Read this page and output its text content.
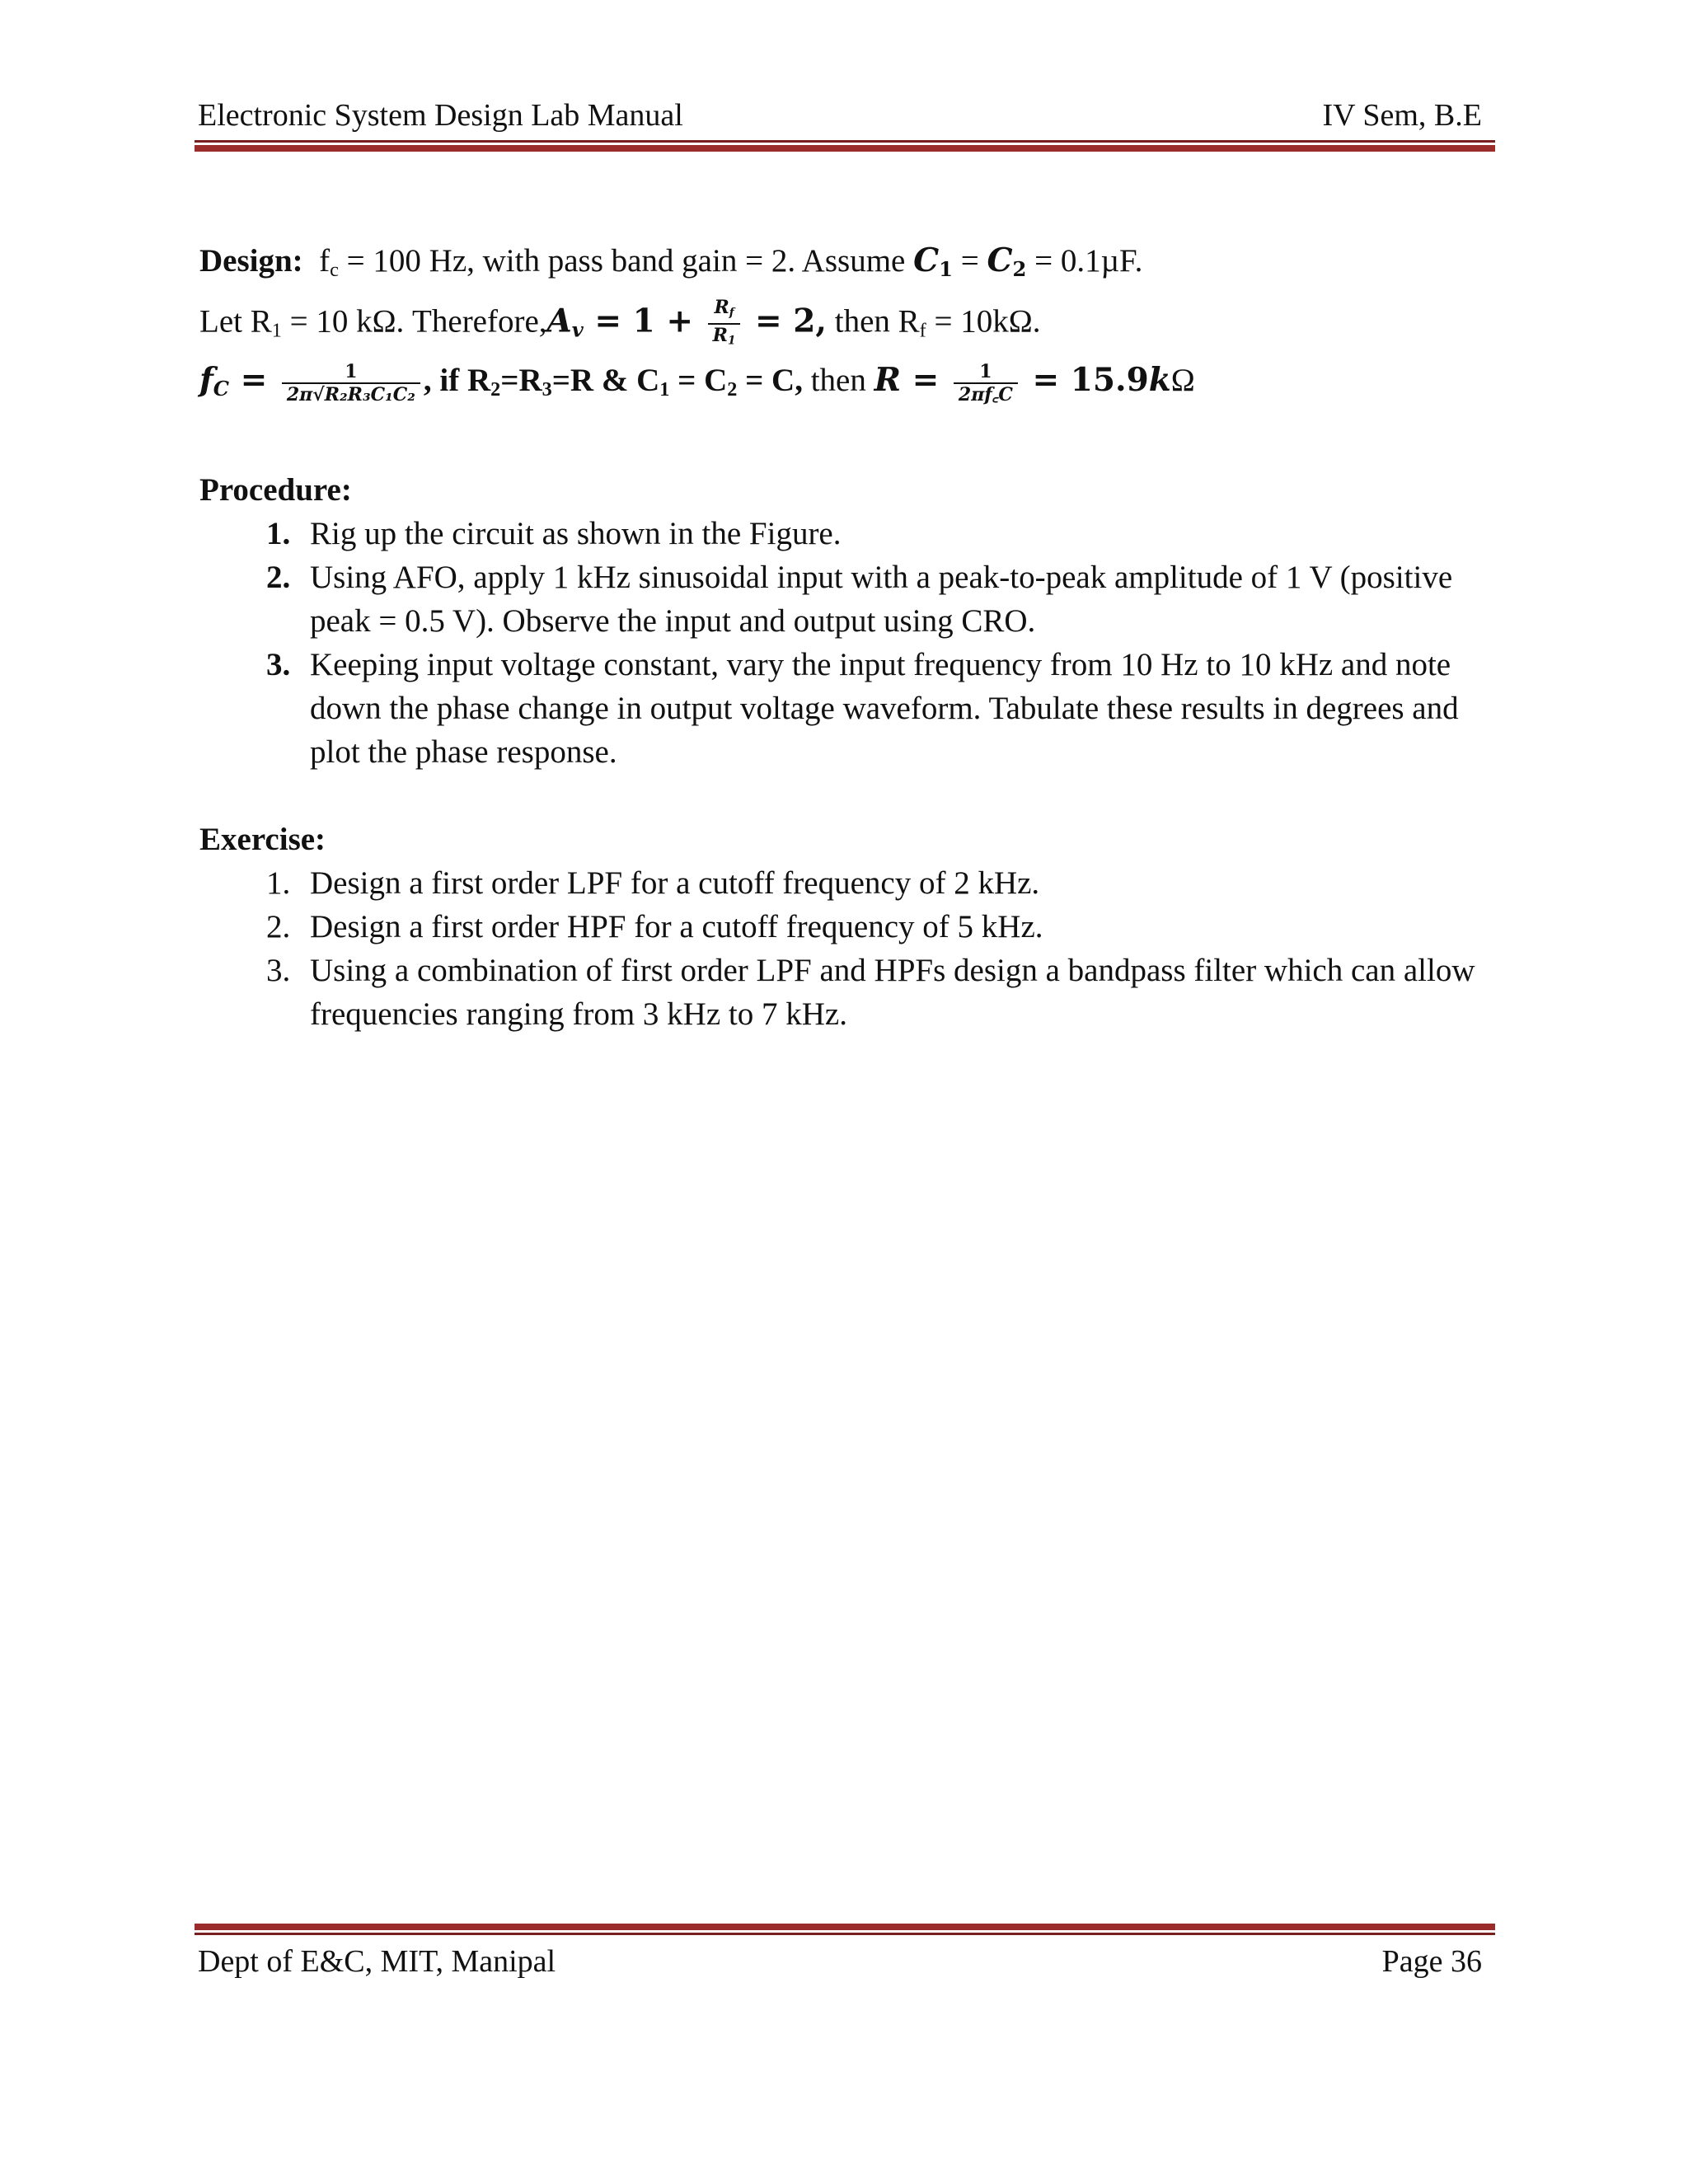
Electronic System Design Lab Manual	IV Sem, B.E
Design: $f_c = 100$ Hz, with pass band gain = 2. Assume $C_1 = C_2 = 0.1\mu F$.
Let $R_1 = 10$ kΩ. $Therefore,A_v = 1 + \frac{R_f}{R_1} = 2$, then $R_f = 10k\Omega$.
$f_C = \frac{1}{\text{2π√R₂R₃C₁C₂}}$ , if $R_2=R_3=R$ & $C_1 = C_2 = C$, then $R = \frac{1}{2\pi f꜀C} = 15.9k\Omega$
Procedure:
1. Rig up the circuit as shown in the Figure.
2. Using AFO, apply 1 kHz sinusoidal input with a peak-to-peak amplitude of 1 V (positive peak = 0.5 V). Observe the input and output using CRO.
3. Keeping input voltage constant, vary the input frequency from 10 Hz to 10 kHz and note down the phase change in output voltage waveform. Tabulate these results in degrees and plot the phase response.
Exercise:
1. Design a first order LPF for a cutoff frequency of 2 kHz.
2. Design a first order HPF for a cutoff frequency of 5 kHz.
3. Using a combination of first order LPF and HPFs design a bandpass filter which can allow frequencies ranging from 3 kHz to 7 kHz.
Dept of E&C, MIT, Manipal	Page 36
